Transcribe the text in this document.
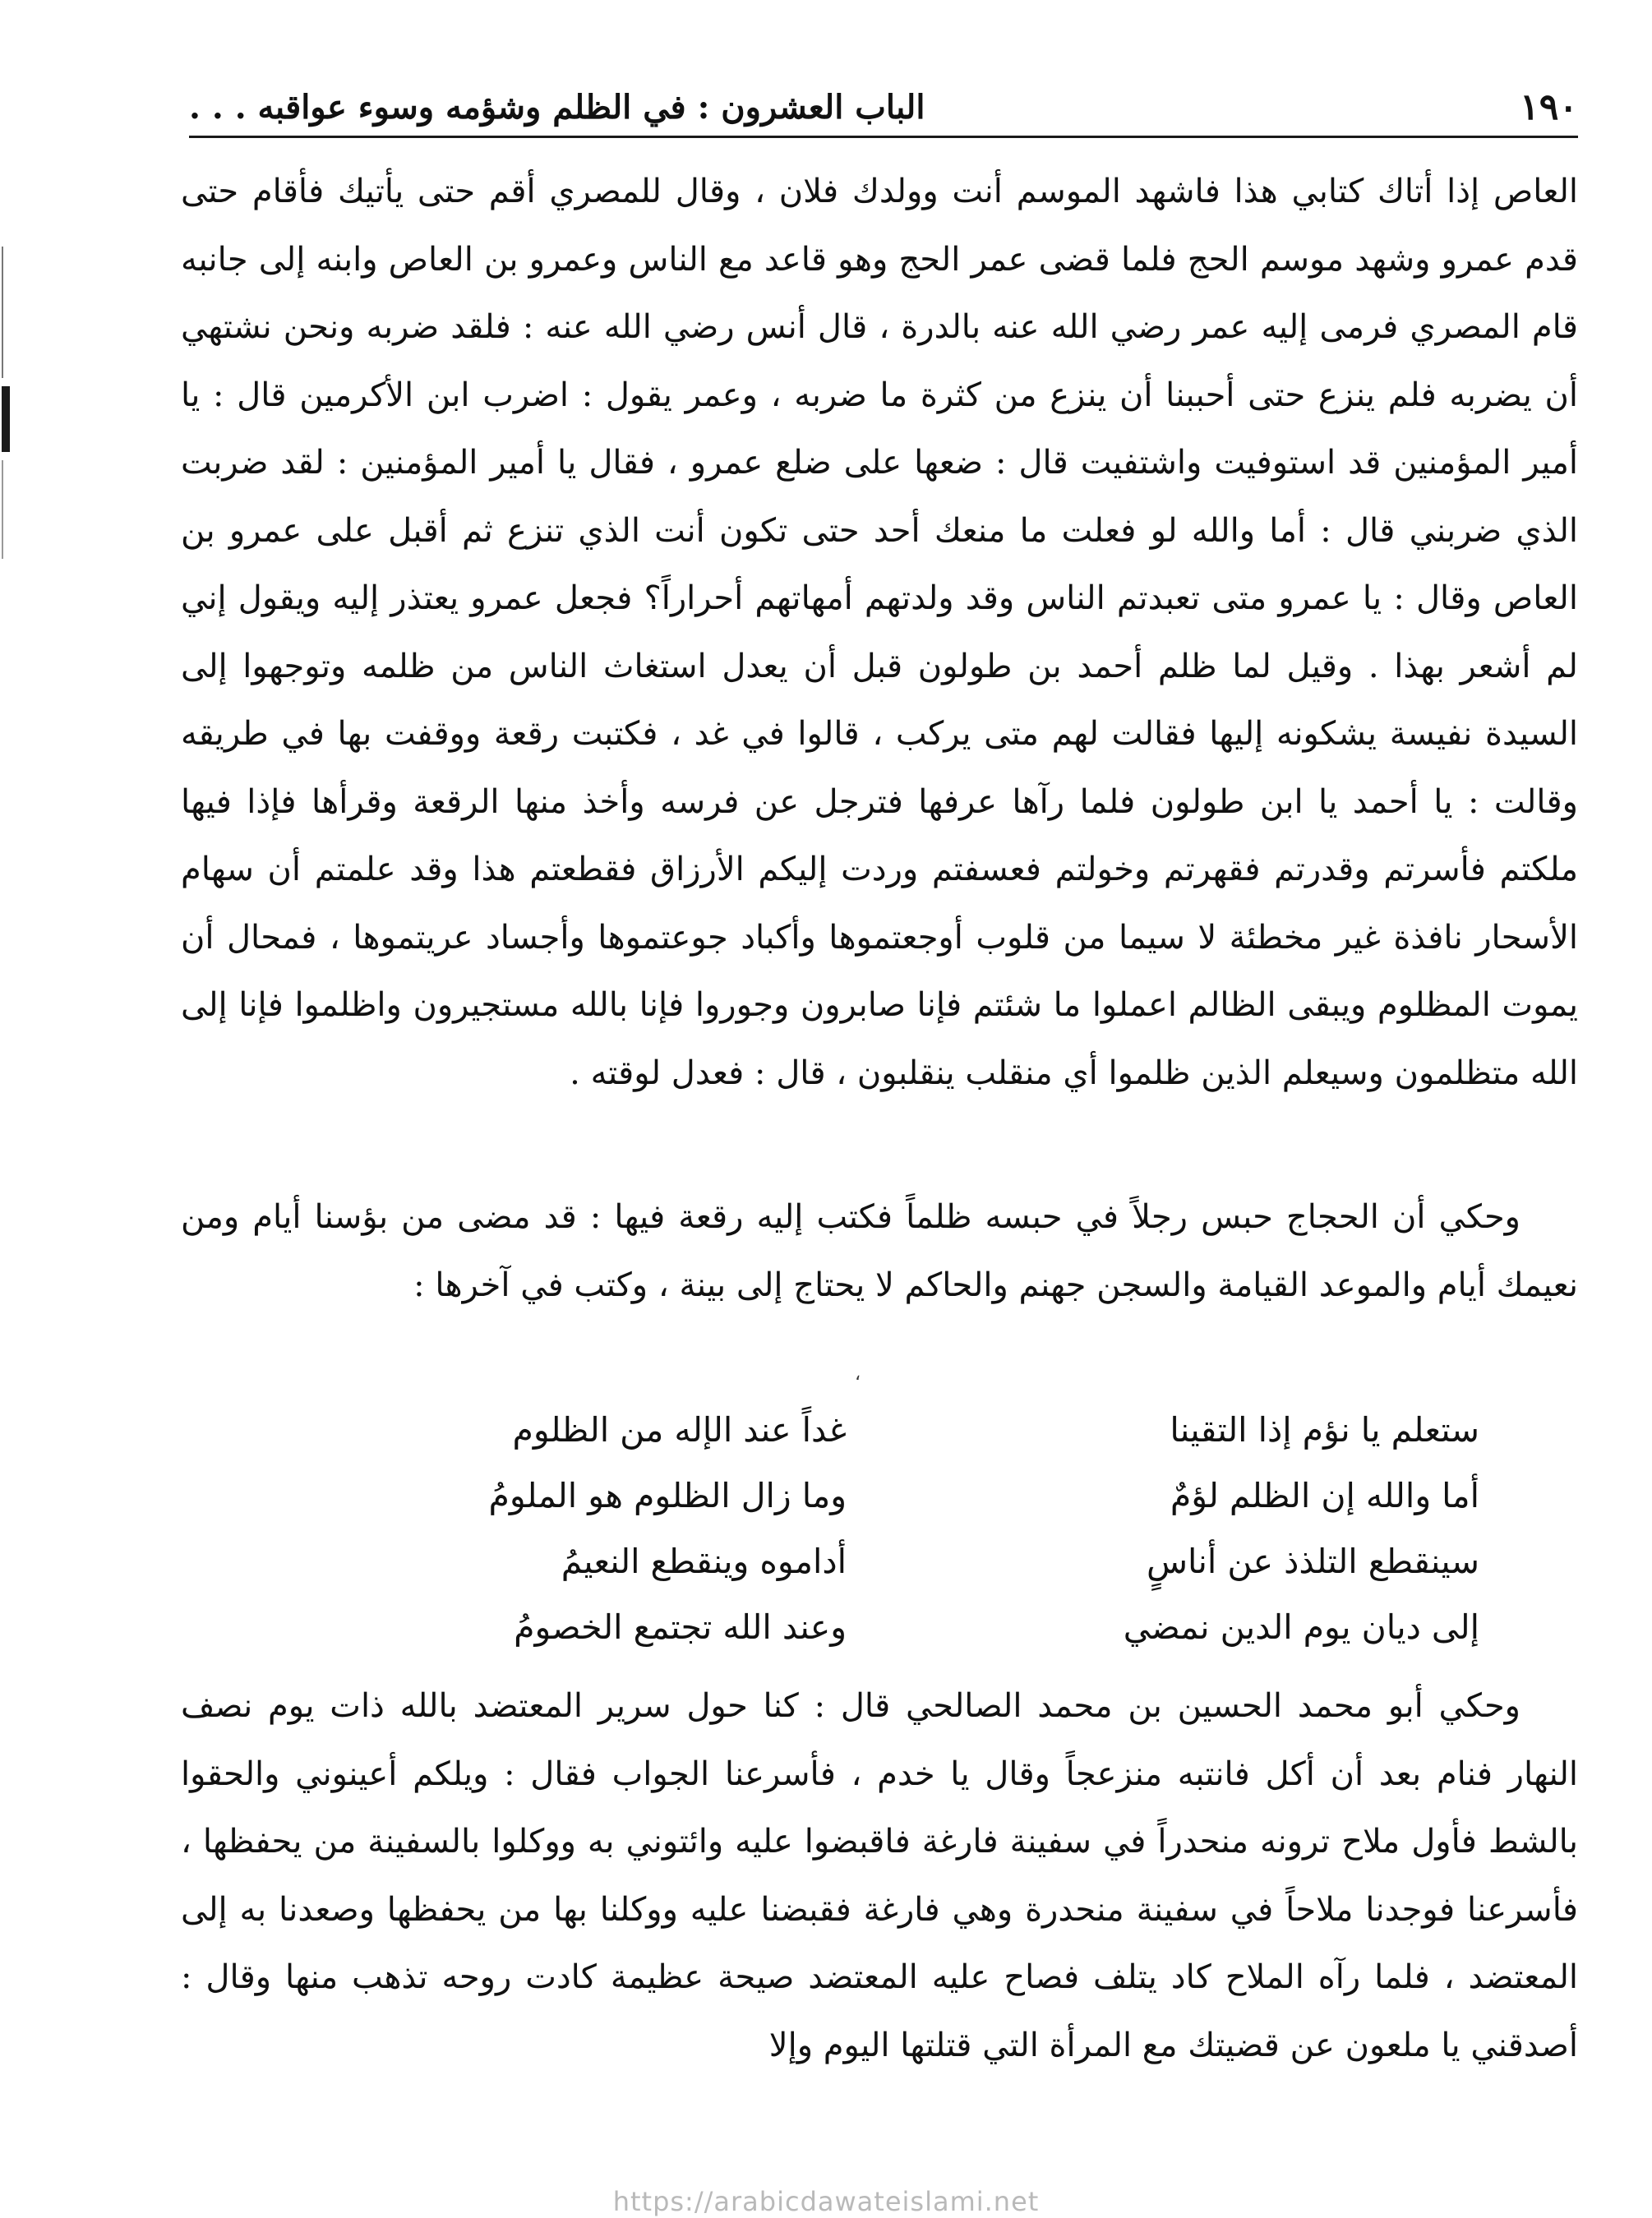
١٩٠
الباب العشرون : في الظلم وشؤمه وسوء عواقبه . . .

العاص إذا أتاك كتابي هذا فاشهد الموسم أنت وولدك فلان ، وقال للمصري أقم حتى يأتيك فأقام حتى قدم عمرو وشهد موسم الحج فلما قضى عمر الحج وهو قاعد مع الناس وعمرو بن العاص وابنه إلى جانبه قام المصري فرمى إليه عمر رضي الله عنه بالدرة ، قال أنس رضي الله عنه : فلقد ضربه ونحن نشتهي أن يضربه فلم ينزع حتى أحببنا أن ينزع من كثرة ما ضربه ، وعمر يقول : اضرب ابن الأكرمين قال : يا أمير المؤمنين قد استوفيت واشتفيت قال : ضعها على ضلع عمرو ، فقال يا أمير المؤمنين : لقد ضربت الذي ضربني قال : أما والله لو فعلت ما منعك أحد حتى تكون أنت الذي تنزع ثم أقبل على عمرو بن العاص وقال : يا عمرو متى تعبدتم الناس وقد ولدتهم أمهاتهم أحراراً؟ فجعل عمرو يعتذر إليه ويقول إني لم أشعر بهذا . وقيل لما ظلم أحمد بن طولون قبل أن يعدل استغاث الناس من ظلمه وتوجهوا إلى السيدة نفيسة يشكونه إليها فقالت لهم متى يركب ، قالوا في غد ، فكتبت رقعة ووقفت بها في طريقه وقالت : يا أحمد يا ابن طولون فلما رآها عرفها فترجل عن فرسه وأخذ منها الرقعة وقرأها فإذا فيها ملكتم فأسرتم وقدرتم فقهرتم وخولتم فعسفتم وردت إليكم الأرزاق فقطعتم هذا وقد علمتم أن سهام الأسحار نافذة غير مخطئة لا سيما من قلوب أوجعتموها وأكباد جوعتموها وأجساد عريتموها ، فمحال أن يموت المظلوم ويبقى الظالم اعملوا ما شئتم فإنا صابرون وجوروا فإنا بالله مستجيرون واظلموا فإنا إلى الله متظلمون وسيعلم الذين ظلموا أي منقلب ينقلبون ، قال : فعدل لوقته .

وحكي أن الحجاج حبس رجلاً في حبسه ظلماً فكتب إليه رقعة فيها : قد مضى من بؤسنا أيام ومن نعيمك أيام والموعد القيامة والسجن جهنم والحاكم لا يحتاج إلى بينة ، وكتب في آخرها :

،
ستعلم يا نؤم إذا التقينا
غداً عند الإله من الظلوم
أما والله إن الظلم لؤمٌ
وما زال الظلوم هو الملومُ
سينقطع التلذذ عن أناسٍ
أداموه وينقطع النعيمُ
إلى ديان يوم الدين نمضي
وعند الله تجتمع الخصومُ

وحكي أبو محمد الحسين بن محمد الصالحي قال : كنا حول سرير المعتضد بالله ذات يوم نصف النهار فنام بعد أن أكل فانتبه منزعجاً وقال يا خدم ، فأسرعنا الجواب فقال : ويلكم أعينوني والحقوا بالشط فأول ملاح ترونه منحدراً في سفينة فارغة فاقبضوا عليه وائتوني به ووكلوا بالسفينة من يحفظها ، فأسرعنا فوجدنا ملاحاً في سفينة منحدرة وهي فارغة فقبضنا عليه ووكلنا بها من يحفظها وصعدنا به إلى المعتضد ، فلما رآه الملاح كاد يتلف فصاح عليه المعتضد صيحة عظيمة كادت روحه تذهب منها وقال : أصدقني يا ملعون عن قضيتك مع المرأة التي قتلتها اليوم وإلا

https://arabicdawateislami.net
